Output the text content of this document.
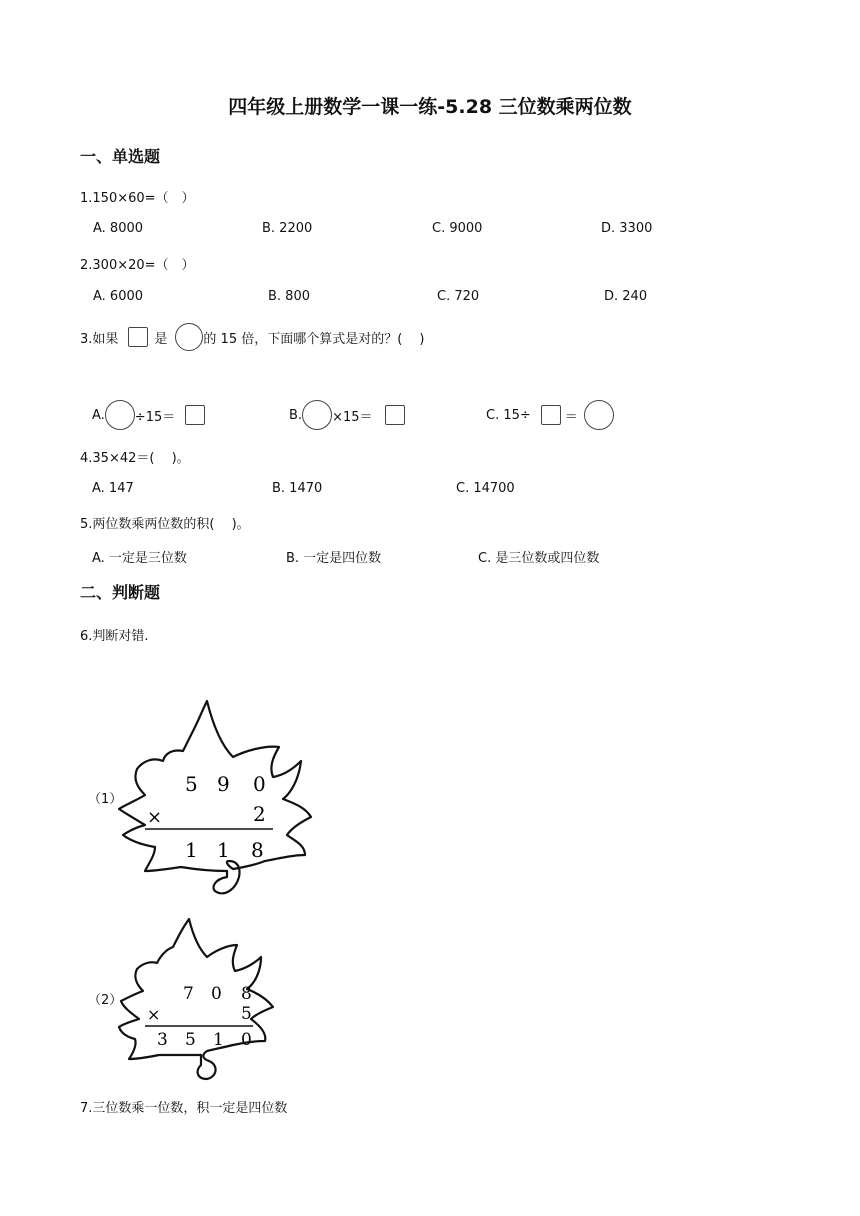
四年级上册数学一课一练-5.28 三位数乘两位数
一、单选题
1.150×60=（　）
A. 8000	B. 2200	C. 9000	D. 3300
2.300×20=（　）
A. 6000	B. 800	C. 720	D. 240
3.如果	是	的 15 倍，下面哪个算式是对的？(　 )
A. ÷15＝	B. ×15＝	C. 15÷	＝
4.35×42＝(　 )。
A. 147	B. 1470	C. 14700
5.两位数乘两位数的积(　 )。
A. 一定是三位数	B. 一定是四位数	C. 是三位数或四位数
二、判断题
6.判断对错.
（1）
5 9 0
×	2
1 1 8
（2）	7 0 8
×	5
3 5 1 0
7.三位数乘一位数，积一定是四位数
